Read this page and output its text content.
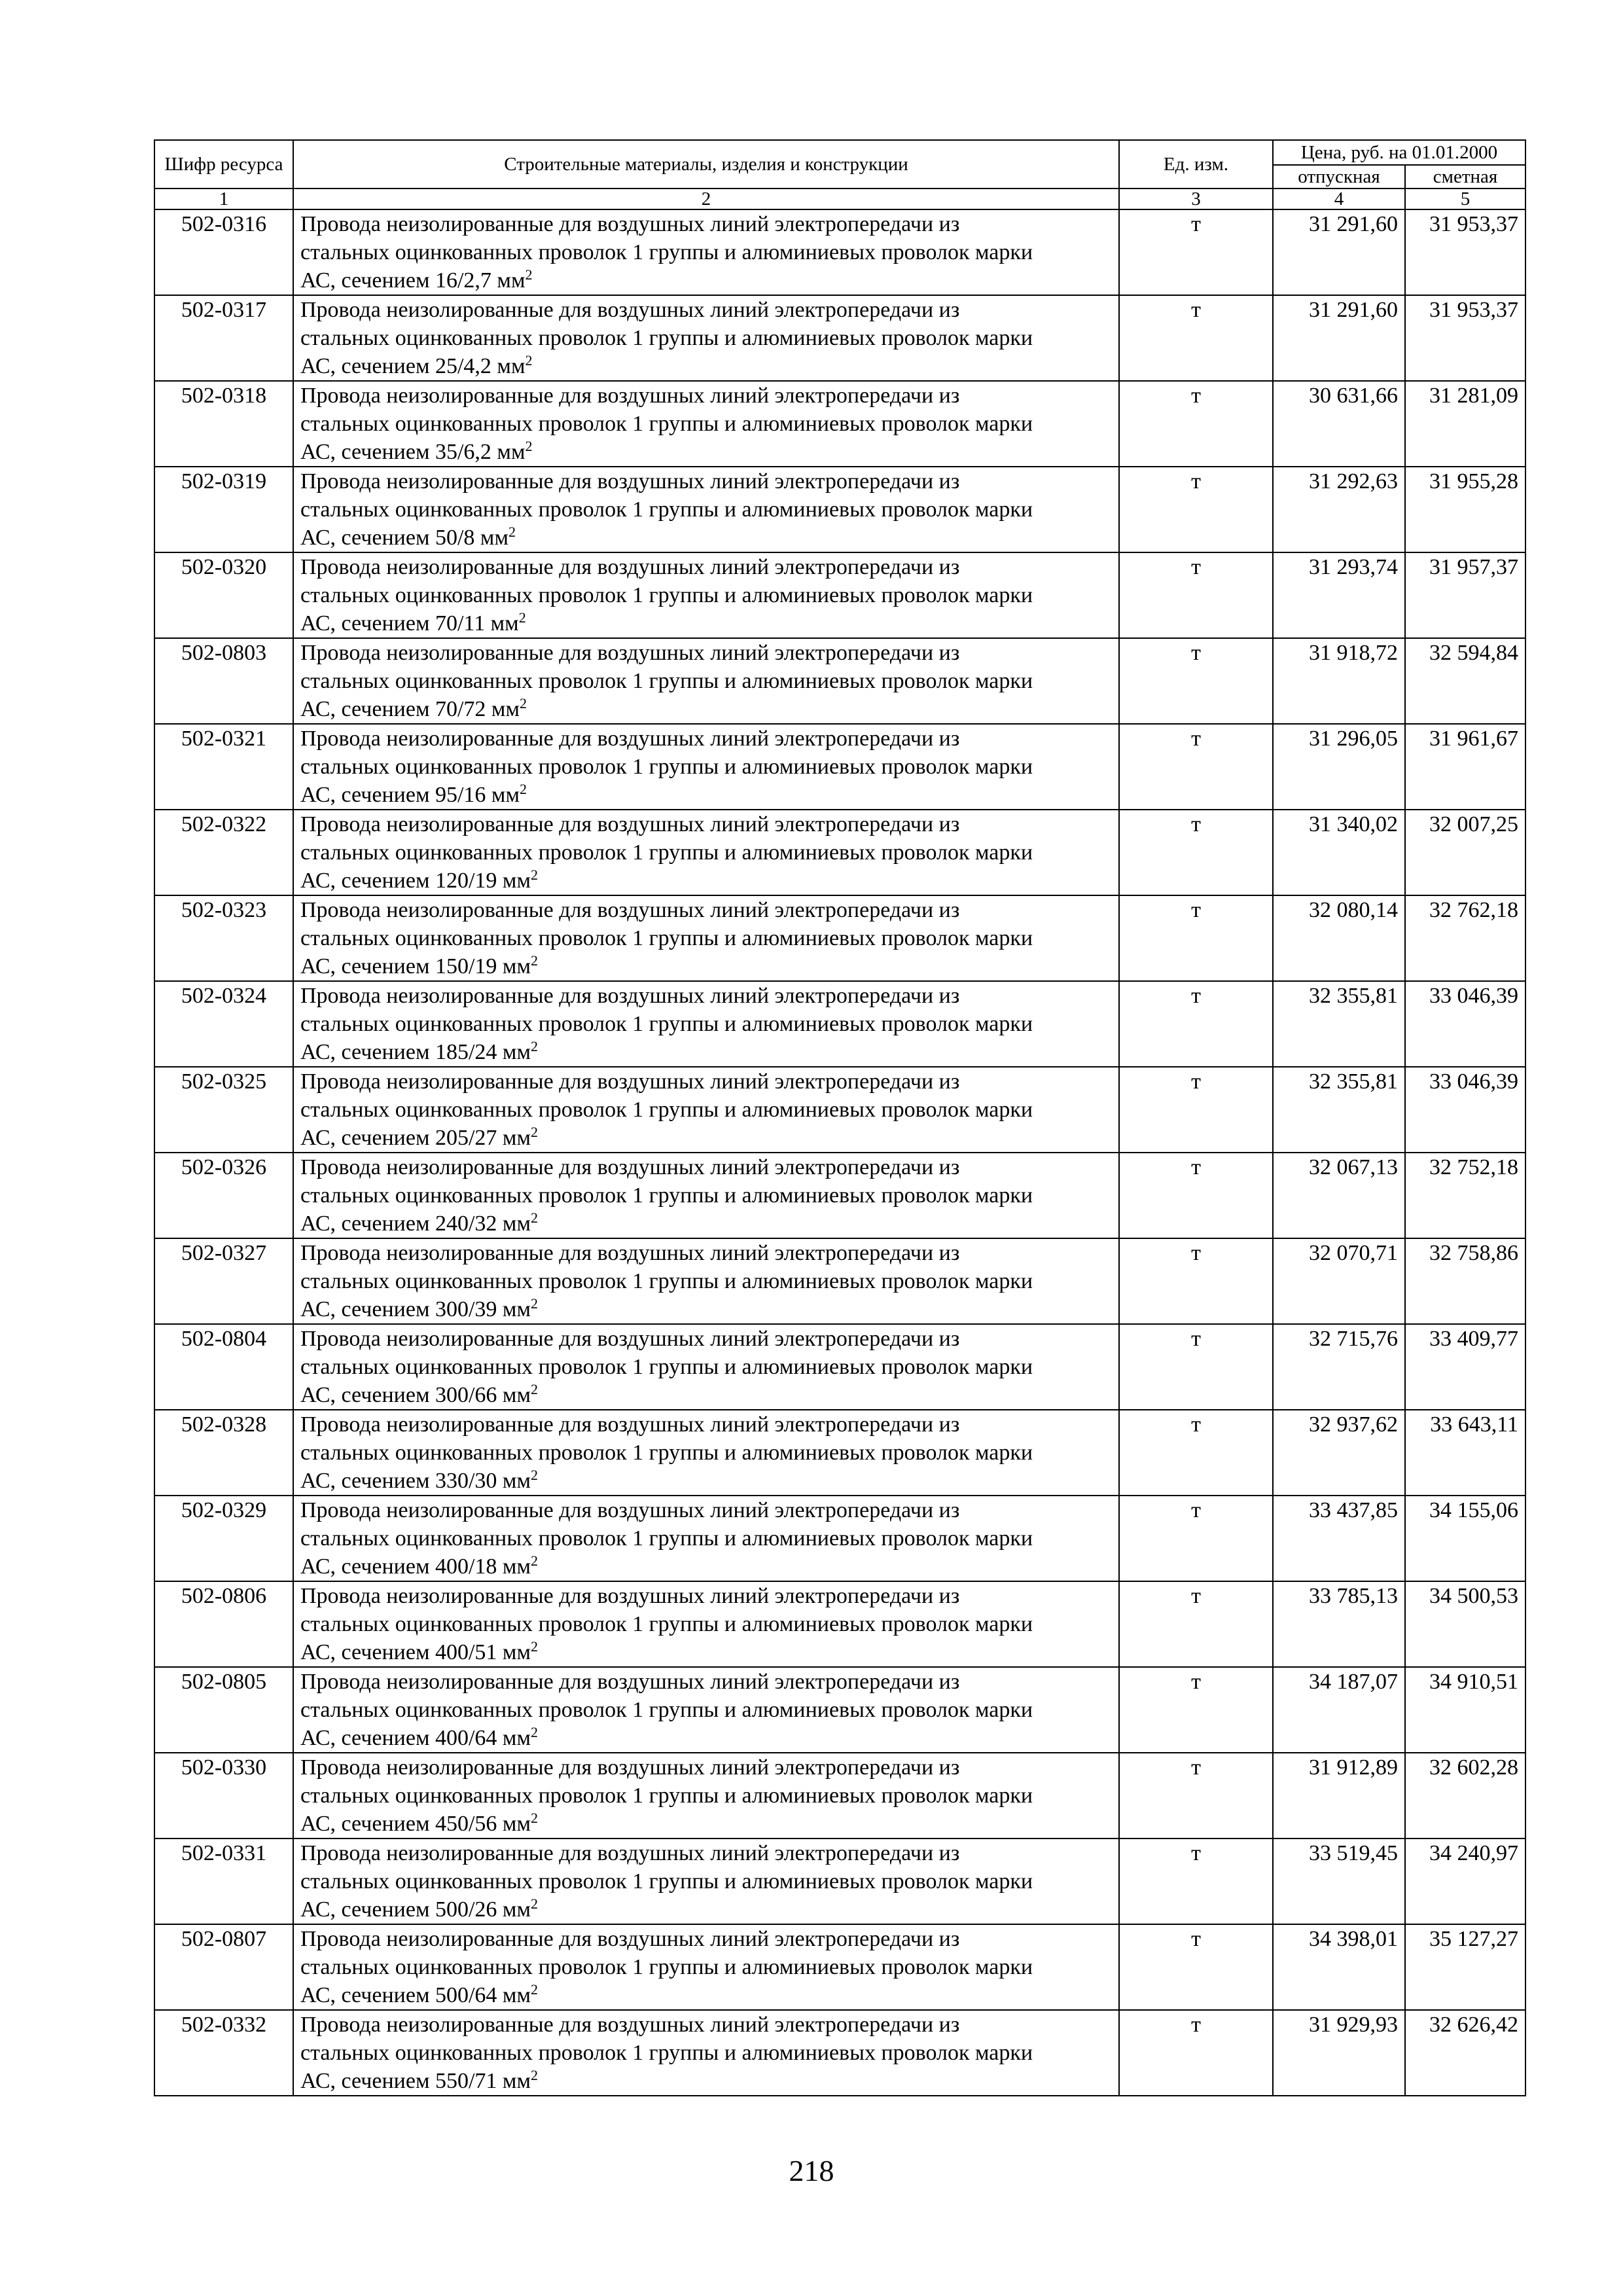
Шифр ресурса	Строительные материалы, изделия и конструкции	Ед. изм.	Цена, руб. на 01.01.2000	
			отпускная	сметная
1	2	3	4	5
502-0316	Провода неизолированные для воздушных линий электропередачи из
стальных оцинкованных проволок 1 группы и алюминиевых проволок марки
АС, сечением 16/2,7 $мм^2$	т	31 291,60	31 953,37
502-0317	Провода неизолированные для воздушных линий электропередачи из
стальных оцинкованных проволок 1 группы и алюминиевых проволок марки
АС, сечением 25/4,2 $мм^2$	т	31 291,60	31 953,37
502-0318	Провода неизолированные для воздушных линий электропередачи из
стальных оцинкованных проволок 1 группы и алюминиевых проволок марки
АС, сечением 35/6,2 $мм^2$	т	30 631,66	31 281,09
502-0319	Провода неизолированные для воздушных линий электропередачи из
стальных оцинкованных проволок 1 группы и алюминиевых проволок марки
АС, сечением 50/8 $мм^2$	т	31 292,63	31 955,28
502-0320	Провода неизолированные для воздушных линий электропередачи из
стальных оцинкованных проволок 1 группы и алюминиевых проволок марки
АС, сечением 70/11 $мм^2$	т	31 293,74	31 957,37
502-0803	Провода неизолированные для воздушных линий электропередачи из
стальных оцинкованных проволок 1 группы и алюминиевых проволок марки
АС, сечением 70/72 $мм^2$	т	31 918,72	32 594,84
502-0321	Провода неизолированные для воздушных линий электропередачи из
стальных оцинкованных проволок 1 группы и алюминиевых проволок марки
АС, сечением 95/16 $мм^2$	т	31 296,05	31 961,67
502-0322	Провода неизолированные для воздушных линий электропередачи из
стальных оцинкованных проволок 1 группы и алюминиевых проволок марки
АС, сечением 120/19 $мм^2$	т	31 340,02	32 007,25
502-0323	Провода неизолированные для воздушных линий электропередачи из
стальных оцинкованных проволок 1 группы и алюминиевых проволок марки
АС, сечением 150/19 $мм^2$	т	32 080,14	32 762,18
502-0324	Провода неизолированные для воздушных линий электропередачи из
стальных оцинкованных проволок 1 группы и алюминиевых проволок марки
АС, сечением 185/24 $мм^2$	т	32 355,81	33 046,39
502-0325	Провода неизолированные для воздушных линий электропередачи из
стальных оцинкованных проволок 1 группы и алюминиевых проволок марки
АС, сечением 205/27 $мм^2$	т	32 355,81	33 046,39
502-0326	Провода неизолированные для воздушных линий электропередачи из
стальных оцинкованных проволок 1 группы и алюминиевых проволок марки
АС, сечением 240/32 $мм^2$	т	32 067,13	32 752,18
502-0327	Провода неизолированные для воздушных линий электропередачи из
стальных оцинкованных проволок 1 группы и алюминиевых проволок марки
АС, сечением 300/39 $мм^2$	т	32 070,71	32 758,86
502-0804	Провода неизолированные для воздушных линий электропередачи из
стальных оцинкованных проволок 1 группы и алюминиевых проволок марки
АС, сечением 300/66 $мм^2$	т	32 715,76	33 409,77
502-0328	Провода неизолированные для воздушных линий электропередачи из
стальных оцинкованных проволок 1 группы и алюминиевых проволок марки
АС, сечением 330/30 $мм^2$	т	32 937,62	33 643,11
502-0329	Провода неизолированные для воздушных линий электропередачи из
стальных оцинкованных проволок 1 группы и алюминиевых проволок марки
АС, сечением 400/18 $мм^2$	т	33 437,85	34 155,06
502-0806	Провода неизолированные для воздушных линий электропередачи из
стальных оцинкованных проволок 1 группы и алюминиевых проволок марки
АС, сечением 400/51 $мм^2$	т	33 785,13	34 500,53
502-0805	Провода неизолированные для воздушных линий электропередачи из
стальных оцинкованных проволок 1 группы и алюминиевых проволок марки
АС, сечением 400/64 $мм^2$	т	34 187,07	34 910,51
502-0330	Провода неизолированные для воздушных линий электропередачи из
стальных оцинкованных проволок 1 группы и алюминиевых проволок марки
АС, сечением 450/56 $мм^2$	т	31 912,89	32 602,28
502-0331	Провода неизолированные для воздушных линий электропередачи из
стальных оцинкованных проволок 1 группы и алюминиевых проволок марки
АС, сечением 500/26 $мм^2$	т	33 519,45	34 240,97
502-0807	Провода неизолированные для воздушных линий электропередачи из
стальных оцинкованных проволок 1 группы и алюминиевых проволок марки
АС, сечением 500/64 $мм^2$	т	34 398,01	35 127,27
502-0332	Провода неизолированные для воздушных линий электропередачи из
стальных оцинкованных проволок 1 группы и алюминиевых проволок марки
АС, сечением 550/71 $мм^2$	т	31 929,93	32 626,42
218
